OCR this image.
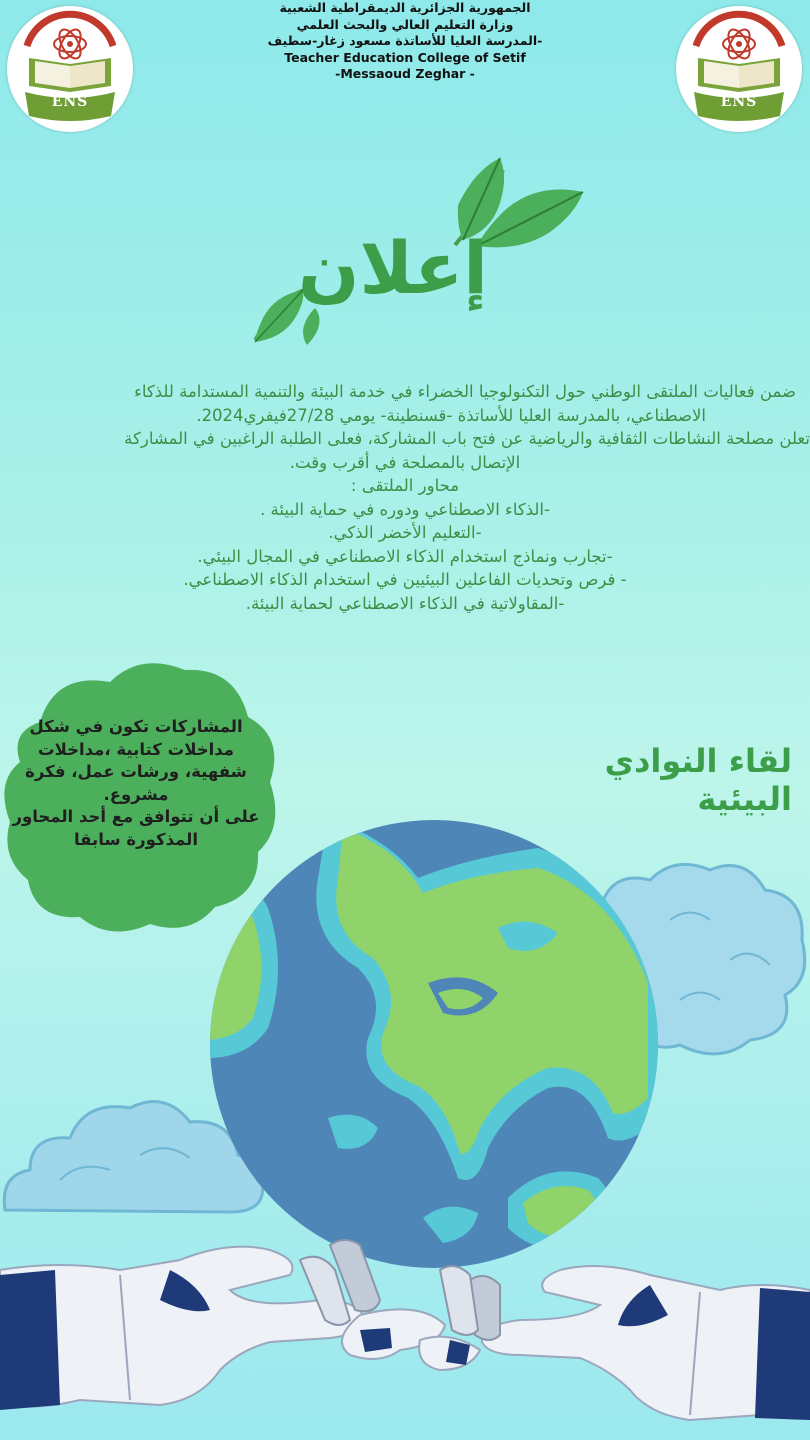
الجمهورية الجزائرية الديمقراطية الشعبية
وزارة التعليم العالي والبحث العلمي
المدرسة العليا للأساتذة مسعود زغار-سطيف-
Teacher Education College of Setif
-Messaoud Zeghar -
ENS	ENS
إعلان
ضمن فعاليات الملتقى الوطني حول التكنولوجيا الخضراء في خدمة البيئة والتنمية المستدامة للذكاء
الاصطناعي، بالمدرسة العليا للأساتذة -قسنطينة- يومي 27/28فيفري2024.
تعلن مصلحة النشاطات الثقافية والرياضية عن فتح باب المشاركة، فعلى الطلبة الراغبين في المشاركة
الإتصال بالمصلحة في أقرب وقت.
محاور الملتقى :
-الذكاء الاصطناعي ودوره في حماية البيئة .
-التعليم الأخضر الذكي.
-تجارب ونماذج استخدام الذكاء الاصطناعي في المجال البيئي.
- فرص وتحديات الفاعلين البيئيين في استخدام الذكاء الاصطناعي.
-المقاولاتية في الذكاء الاصطناعي لحماية البيئة.
المشاركات تكون في شكل
مداخلات كتابية ،مداخلات
شفهية، ورشات عمل، فكرة
مشروع.
على أن تتوافق مع أحد المحاور
المذكورة سابقا
لقاء النوادي
البيئية
